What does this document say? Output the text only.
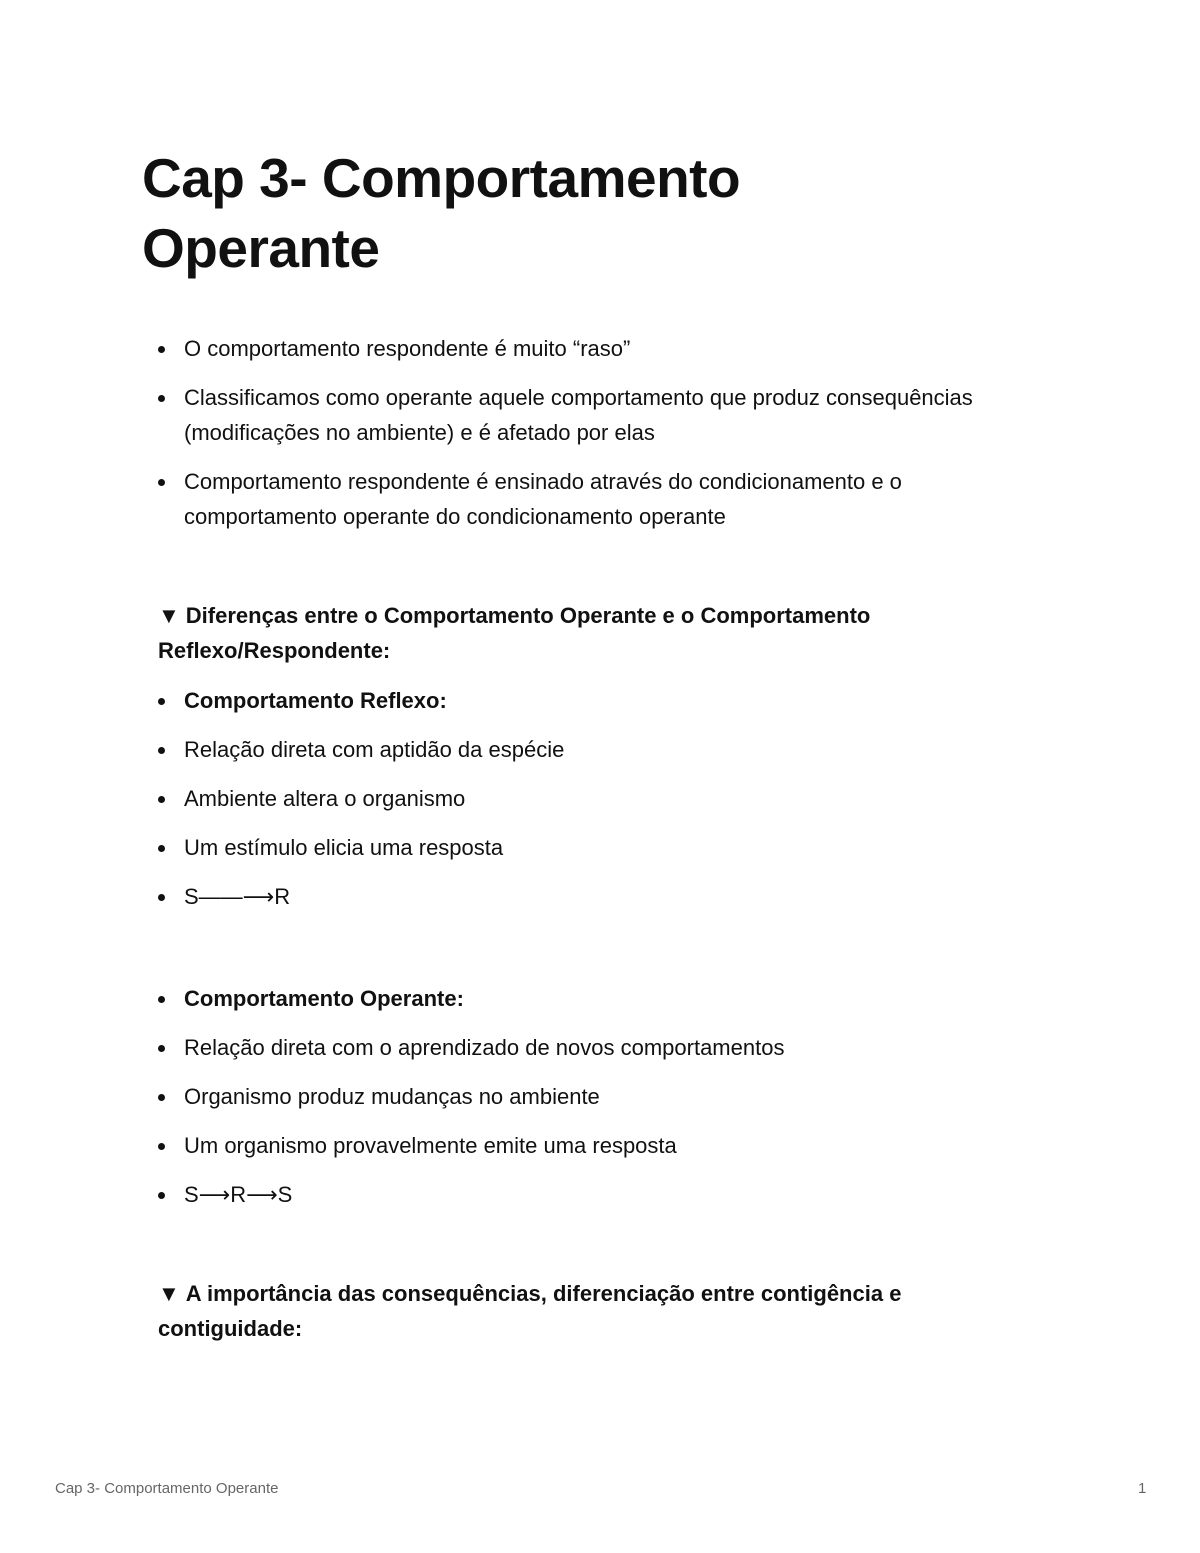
Cap 3- Comportamento
Operante
O comportamento respondente é muito “raso”
Classificamos como operante aquele comportamento que produz consequências (modificações no ambiente) e é afetado por elas
Comportamento respondente é ensinado através do condicionamento e o comportamento operante do condicionamento operante
▼ Diferenças entre o Comportamento Operante e o Comportamento Reflexo/Respondente:
Comportamento Reflexo:
Relação direta com aptidão da espécie
Ambiente altera o organismo
Um estímulo elicia uma resposta
S——⟶R
Comportamento Operante:
Relação direta com o aprendizado de novos comportamentos
Organismo produz mudanças no ambiente
Um organismo provavelmente emite uma resposta
S⟶R⟶S
▼ A importância das consequências, diferenciação entre contigência e contiguidade:
Cap 3- Comportamento Operante	1
